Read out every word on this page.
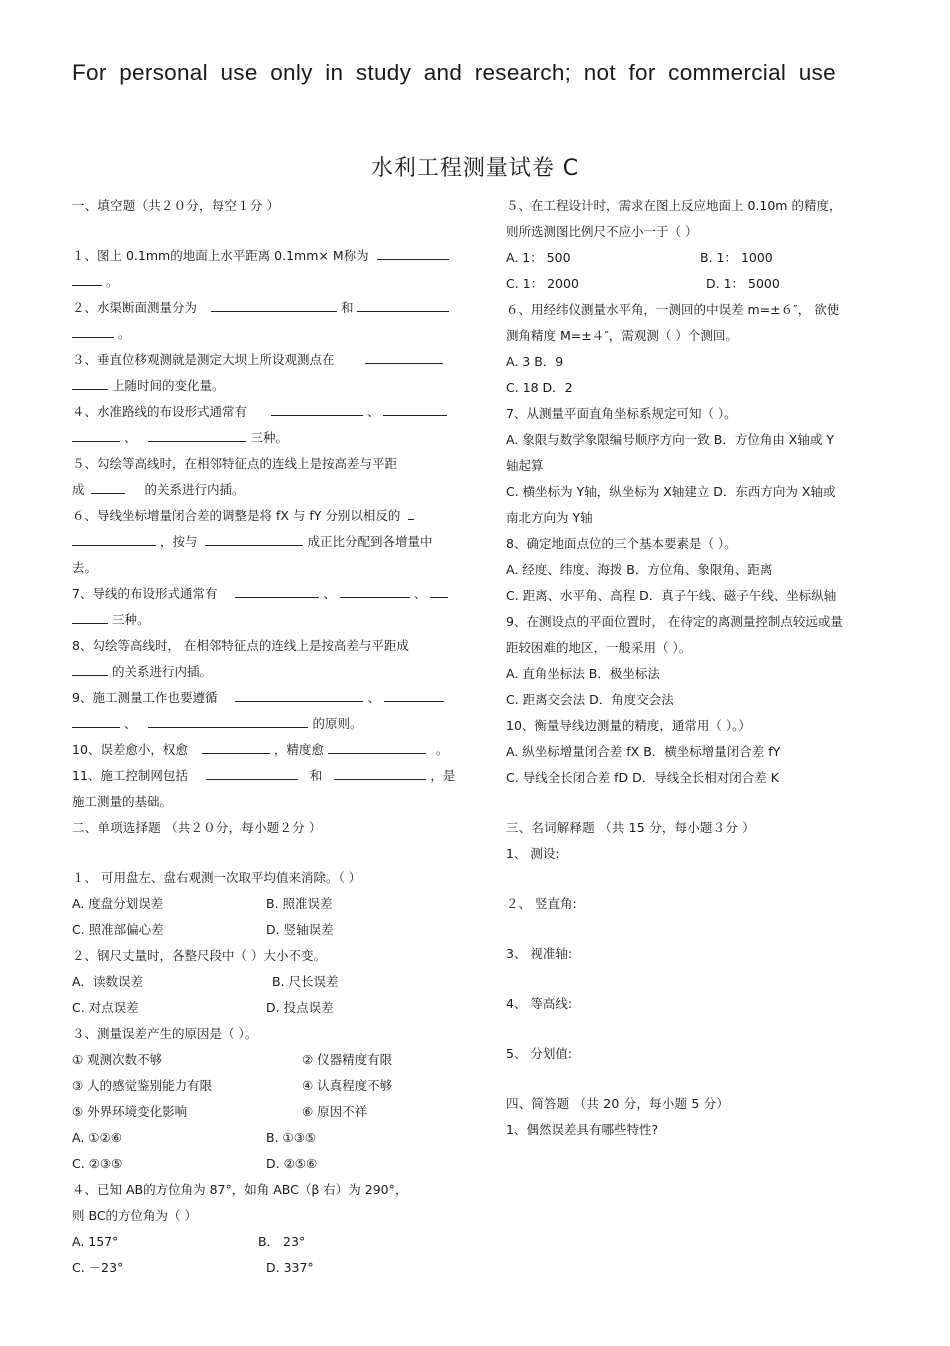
For personal use only in study and research; not for commercial use
水利工程测量试卷 C
一、填空题（共２０分，每空１分 ）
１、图上 0.1mm的地面上水平距离 0.1mm× M称为
。
２、水渠断面测量分为	和
。
３、垂直位移观测就是测定大坝上所设观测点在
上随时间的变化量。
４、水准路线的布设形式通常有	、
、	三种。
５、勾绘等高线时，在相邻特征点的连线上是按高差与平距
成	的关系进行内插。
６、导线坐标增量闭合差的调整是将 fX 与 fY 分别以相反的
，按与	成正比分配到各增量中
去。
7、导线的布设形式通常有	、	、
三种。
8、勾绘等高线时， 在相邻特征点的连线上是按高差与平距成
的关系进行内插。
9、施工测量工作也要遵循	、
、	的原则。
10、误差愈小，权愈	，精度愈	。
11、施工控制网包括	和	，是
施工测量的基础。
二、单项选择题 （共２０分，每小题２分 ）
１、 可用盘左、盘右观测一次取平均值来消除。（ ）
A. 度盘分划误差	B. 照准误差
C. 照准部偏心差	D. 竖轴误差
２、钢尺丈量时，各整尺段中（ ）大小不变。
A．读数误差	B. 尺长误差
C. 对点误差	D. 投点误差
３、测量误差产生的原因是（ ）。
① 观测次数不够	② 仪器精度有限
③ 人的感觉鉴别能力有限	④ 认真程度不够
⑤ 外界环境变化影响	⑥ 原因不祥
A. ①②⑥	B. ①③⑤
C. ②③⑤	D. ②⑤⑥
４、已知 AB的方位角为 87°，如角 ABC（β 右）为 290°，
则 BC的方位角为（ ）
A. 157°	B． 23°
C. －23°	D. 337°
５、在工程设计时，需求在图上反应地面上 0.10m 的精度，
则所选测图比例尺不应小一于（ ）
A. 1： 500	B. 1： 1000
C. 1： 2000	D. 1： 5000
６、用经纬仪测量水平角，一测回的中误差 m=±６″， 欲使
测角精度 M=±４″，需观测（ ）个测回。
A. 3 B．9
C. 18 D．2
7、从测量平面直角坐标系规定可知（ ）。
A. 象限与数学象限编号顺序方向一致 B．方位角由 X轴或 Y
轴起算
C. 横坐标为 Y轴，纵坐标为 X轴建立 D．东西方向为 X轴或
南北方向为 Y轴
8、确定地面点位的三个基本要素是（ ）。
A. 经度、纬度、海拨 B．方位角、象限角、距离
C. 距离、水平角、高程 D．真子午线、磁子午线、坐标纵轴
9、在测设点的平面位置时， 在待定的离测量控制点较远或量
距较困难的地区，一般采用（ ）。
A. 直角坐标法 B．极坐标法
C. 距离交会法 D．角度交会法
10、衡量导线边测量的精度，通常用（ ）。）
A. 纵坐标增量闭合差 fX B．横坐标增量闭合差 fY
C. 导线全长闭合差 fD D．导线全长相对闭合差 K
三、名词解释题 （共 15 分，每小题３分 ）
1、 测设:
２、 竖直角:
3、 视准轴:
4、 等高线:
5、 分划值:
四、简答题 （共 20 分，每小题 5 分）
1、偶然误差具有哪些特性?
